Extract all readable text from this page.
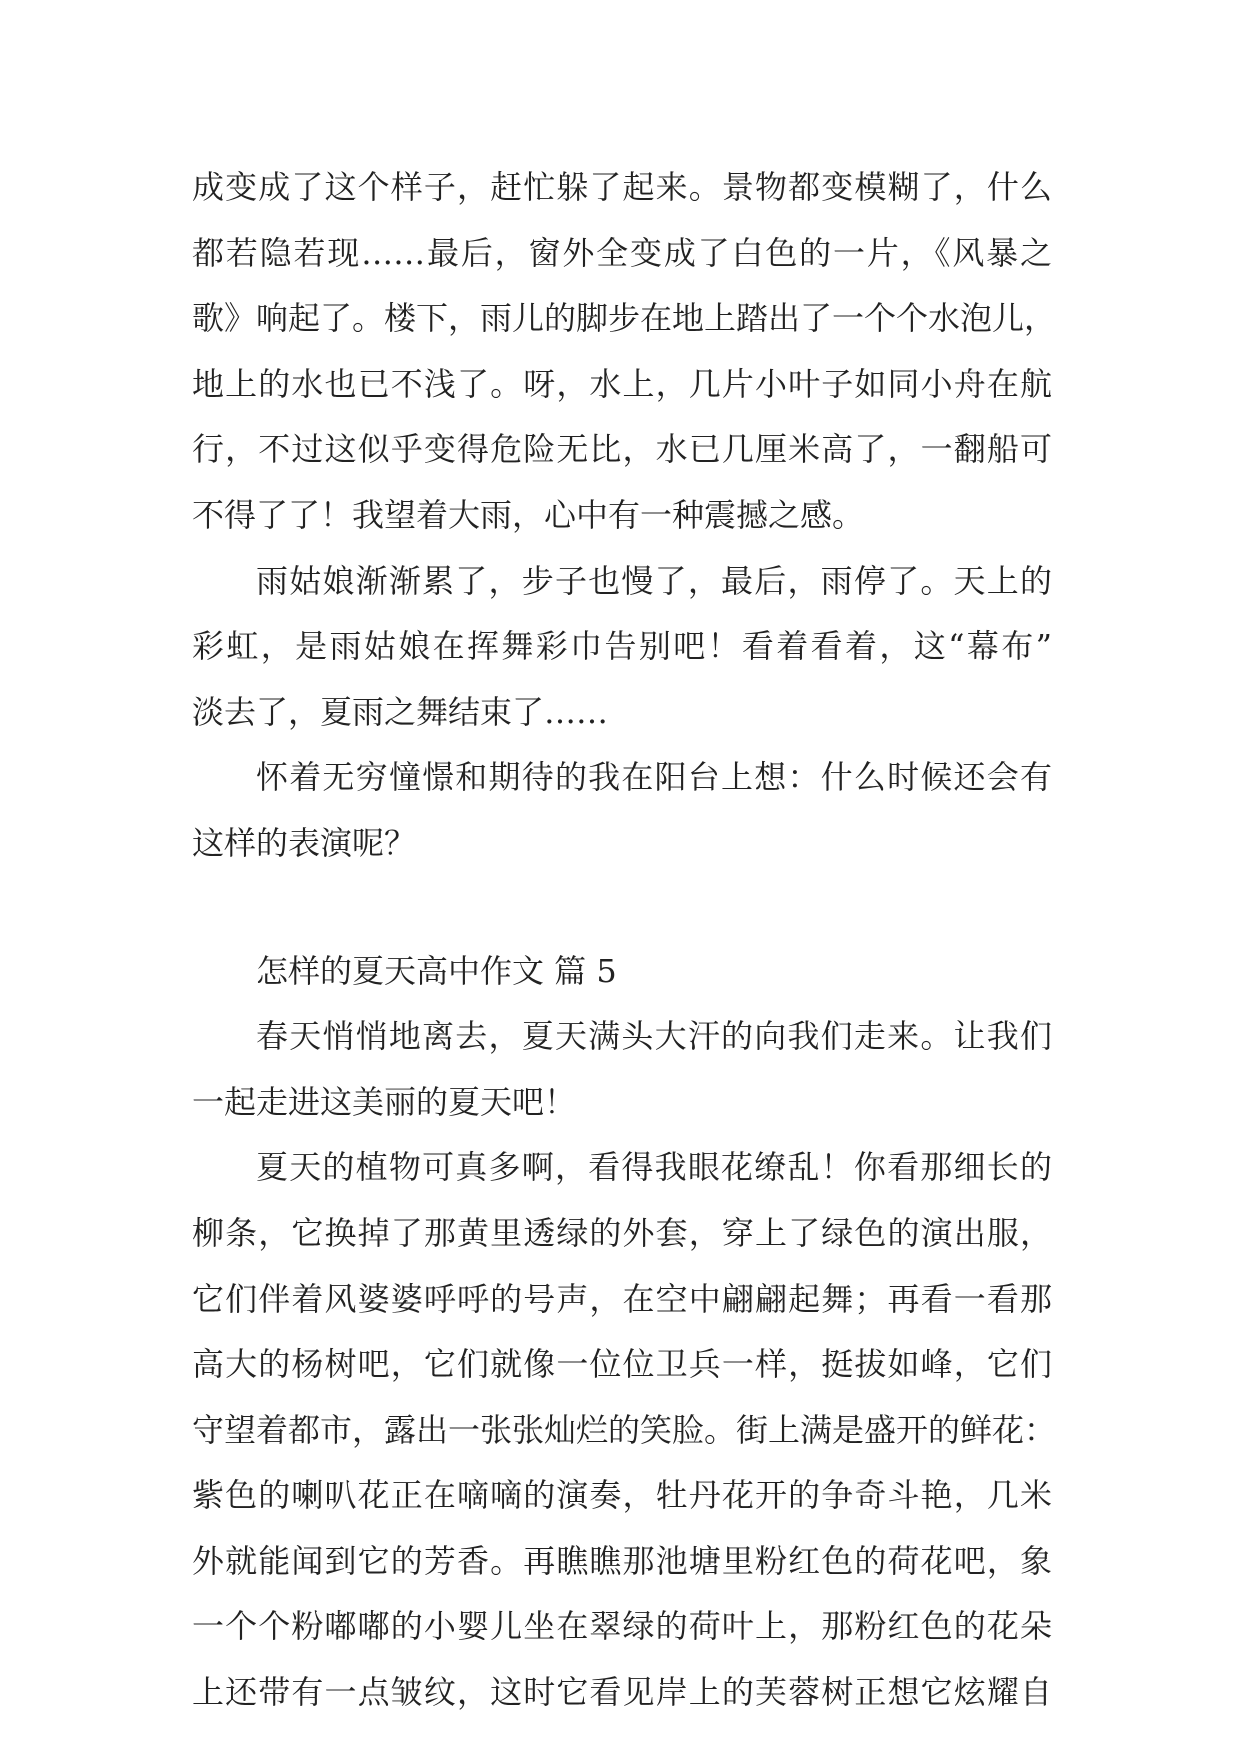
成变成了这个样子，赶忙躲了起来。景物都变模糊了，什么
都若隐若现……最后，窗外全变成了白色的一片，《风暴之
歌》响起了。楼下，雨儿的脚步在地上踏出了一个个水泡儿，
地上的水也已不浅了。呀，水上，几片小叶子如同小舟在航
行，不过这似乎变得危险无比，水已几厘米高了，一翻船可
不得了了！我望着大雨，心中有一种震撼之感。
雨姑娘渐渐累了，步子也慢了，最后，雨停了。天上的
彩虹，是雨姑娘在挥舞彩巾告别吧！看着看着，这“幕布”
淡去了，夏雨之舞结束了……
怀着无穷憧憬和期待的我在阳台上想：什么时候还会有
这样的表演呢？
怎样的夏天高中作文 篇 5
春天悄悄地离去，夏天满头大汗的向我们走来。让我们
一起走进这美丽的夏天吧！
夏天的植物可真多啊，看得我眼花缭乱！你看那细长的
柳条，它换掉了那黄里透绿的外套，穿上了绿色的演出服，
它们伴着风婆婆呼呼的号声，在空中翩翩起舞；再看一看那
高大的杨树吧，它们就像一位位卫兵一样，挺拔如峰，它们
守望着都市，露出一张张灿烂的笑脸。街上满是盛开的鲜花：
紫色的喇叭花正在嘀嘀的演奏，牡丹花开的争奇斗艳，几米
外就能闻到它的芳香。再瞧瞧那池塘里粉红色的荷花吧，象
一个个粉嘟嘟的小婴儿坐在翠绿的荷叶上，那粉红色的花朵
上还带有一点皱纹，这时它看见岸上的芙蓉树正想它炫耀自
